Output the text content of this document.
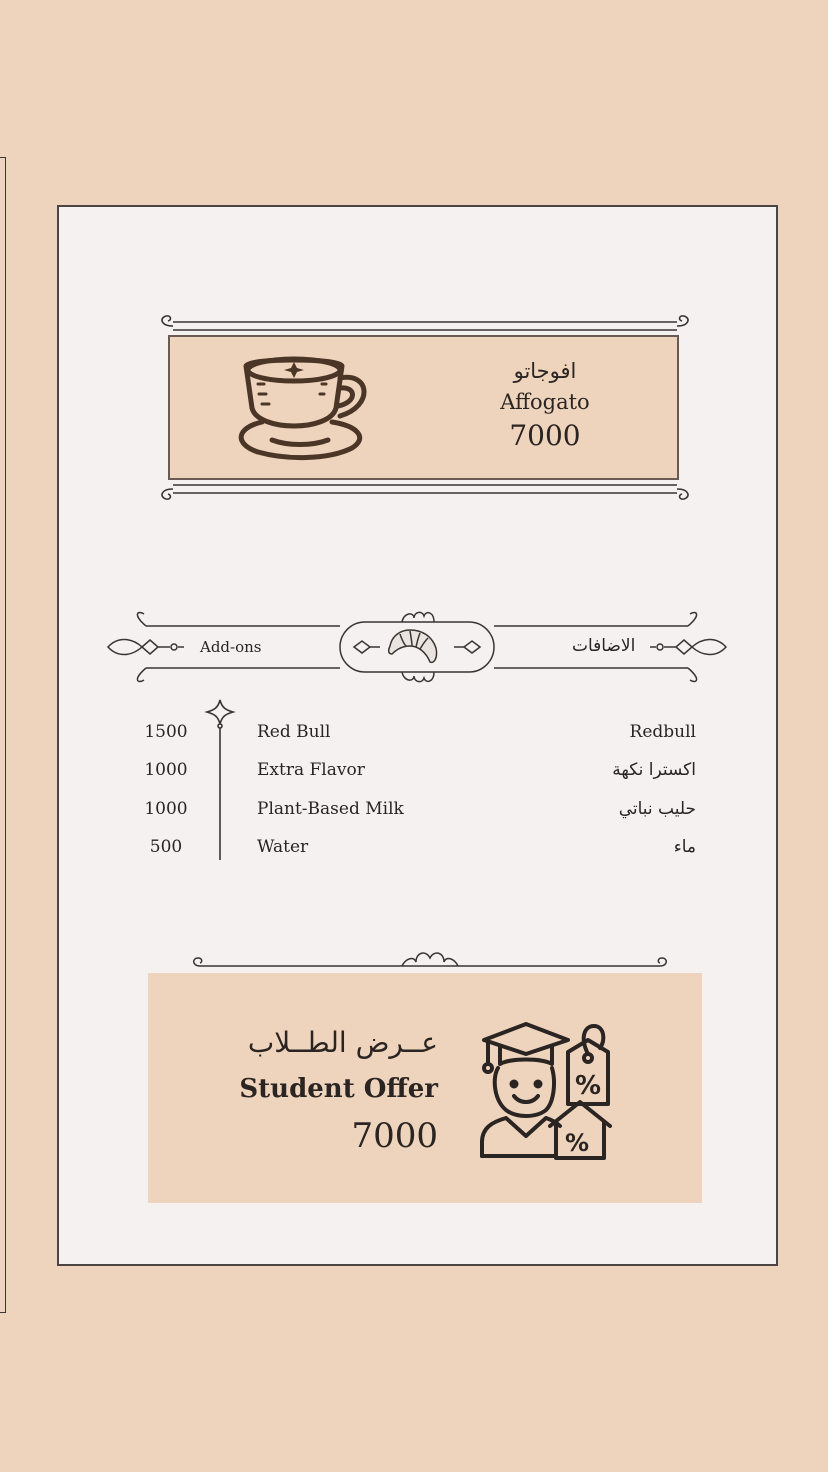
افوجاتو
Affogato
7000
Add-ons	الاضافات
1500	Red Bull	Redbull
1000	Extra Flavor	اكسترا نكهة
1000	Plant-Based Milk	حليب نباتي
500	Water	ماء
عــرض الطــلاب
Student Offer
7000
%
%
